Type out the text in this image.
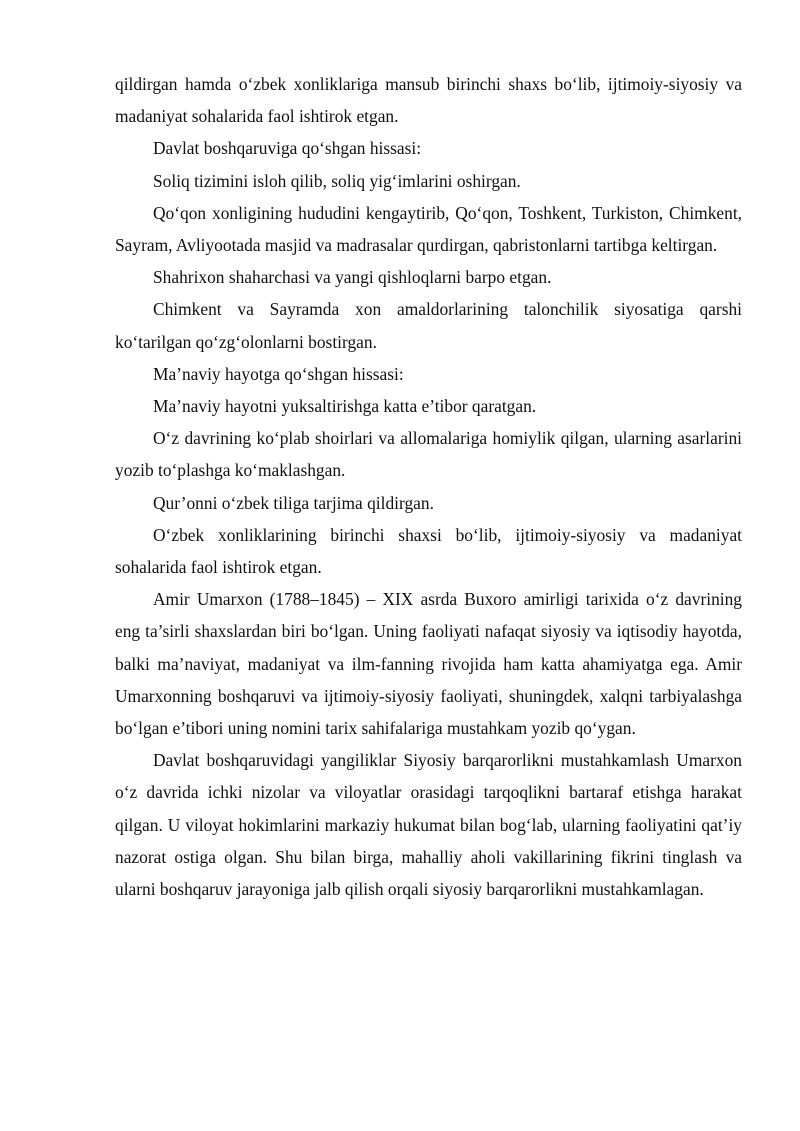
qildirgan hamda o‘zbek xonliklariga mansub birinchi shaxs bo‘lib, ijtimoiy-siyosiy va madaniyat sohalarida faol ishtirok etgan.

Davlat boshqaruviga qo‘shgan hissasi:

Soliq tizimini isloh qilib, soliq yig‘imlarini oshirgan.

Qo‘qon xonligining hududini kengaytirib, Qo‘qon, Toshkent, Turkiston, Chimkent, Sayram, Avliyootada masjid va madrasalar qurdirgan, qabristonlarni tartibga keltirgan.

Shahrixon shaharchasi va yangi qishloqlarni barpo etgan.

Chimkent va Sayramda xon amaldorlarining talonchilik siyosatiga qarshi ko‘tarilgan qo‘zg‘olonlarni bostirgan.

Ma’naviy hayotga qo‘shgan hissasi:

Ma’naviy hayotni yuksaltirishga katta e’tibor qaratgan.

O‘z davrining ko‘plab shoirlari va allomalariga homiylik qilgan, ularning asarlarini yozib to‘plashga ko‘maklashgan.

Qur’onni o‘zbek tiliga tarjima qildirgan.

O‘zbek xonliklarining birinchi shaxsi bo‘lib, ijtimoiy-siyosiy va madaniyat sohalarida faol ishtirok etgan.

Amir Umarxon (1788–1845) – XIX asrda Buxoro amirligi tarixida o‘z davrining eng ta’sirli shaxslardan biri bo‘lgan. Uning faoliyati nafaqat siyosiy va iqtisodiy hayotda, balki ma’naviyat, madaniyat va ilm-fanning rivojida ham katta ahamiyatga ega. Amir Umarxonning boshqaruvi va ijtimoiy-siyosiy faoliyati, shuningdek, xalqni tarbiyalashga bo‘lgan e’tibori uning nomini tarix sahifalariga mustahkam yozib qo‘ygan.

Davlat boshqaruvidagi yangiliklar Siyosiy barqarorlikni mustahkamlash Umarxon o‘z davrida ichki nizolar va viloyatlar orasidagi tarqoqlikni bartaraf etishga harakat qilgan. U viloyat hokimlarini markaziy hukumat bilan bog‘lab, ularning faoliyatini qat’iy nazorat ostiga olgan. Shu bilan birga, mahalliy aholi vakillarining fikrini tinglash va ularni boshqaruv jarayoniga jalb qilish orqali siyosiy barqarorlikni mustahkamlagan.
